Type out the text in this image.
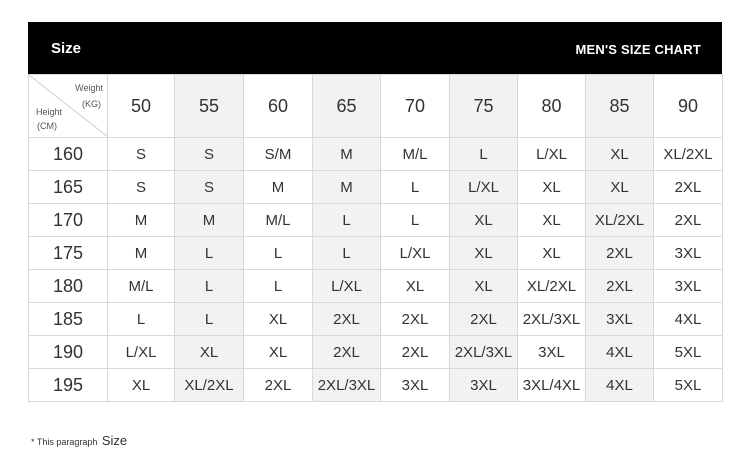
Size	MEN'S SIZE CHART
Weight
(KG)
Height
(CM)	50	55	60	65	70	75	80	85	90
160	S	S	S/M	M	M/L	L	L/XL	XL	XL/2XL
165	S	S	M	M	L	L/XL	XL	XL	2XL
170	M	M	M/L	L	L	XL	XL	XL/2XL	2XL
175	M	L	L	L	L/XL	XL	XL	2XL	3XL
180	M/L	L	L	L/XL	XL	XL	XL/2XL	2XL	3XL
185	L	L	XL	2XL	2XL	2XL	2XL/3XL	3XL	4XL
190	L/XL	XL	XL	2XL	2XL	2XL/3XL	3XL	4XL	5XL
195	XL	XL/2XL	2XL	2XL/3XL	3XL	3XL	3XL/4XL	4XL	5XL
* This paragraph Size
